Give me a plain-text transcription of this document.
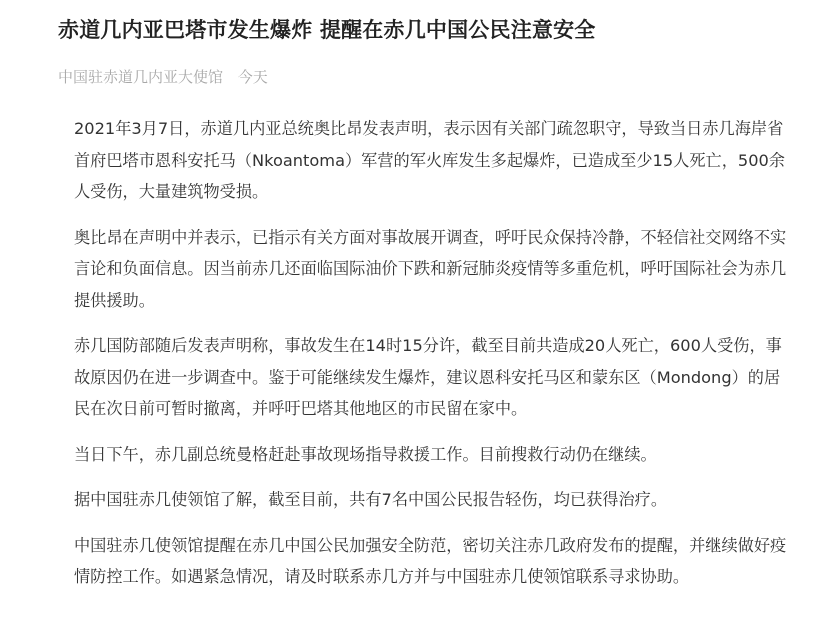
赤道几内亚巴塔市发生爆炸 提醒在赤几中国公民注意安全
中国驻赤道几内亚大使馆 今天

2021年3月7日，赤道几内亚总统奥比昂发表声明，表示因有关部门疏忽职守，导致当日赤几海岸省首府巴塔市恩科安托马（Nkoantoma）军营的军火库发生多起爆炸，已造成至少15人死亡，500余人受伤，大量建筑物受损。

奥比昂在声明中并表示，已指示有关方面对事故展开调查，呼吁民众保持冷静，不轻信社交网络不实言论和负面信息。因当前赤几还面临国际油价下跌和新冠肺炎疫情等多重危机，呼吁国际社会为赤几提供援助。

赤几国防部随后发表声明称，事故发生在14时15分许，截至目前共造成20人死亡，600人受伤，事故原因仍在进一步调查中。鉴于可能继续发生爆炸，建议恩科安托马区和蒙东区（Mondong）的居民在次日前可暂时撤离，并呼吁巴塔其他地区的市民留在家中。

当日下午，赤几副总统曼格赶赴事故现场指导救援工作。目前搜救行动仍在继续。

据中国驻赤几使领馆了解，截至目前，共有7名中国公民报告轻伤，均已获得治疗。

中国驻赤几使领馆提醒在赤几中国公民加强安全防范，密切关注赤几政府发布的提醒，并继续做好疫情防控工作。如遇紧急情况，请及时联系赤几方并与中国驻赤几使领馆联系寻求协助。
